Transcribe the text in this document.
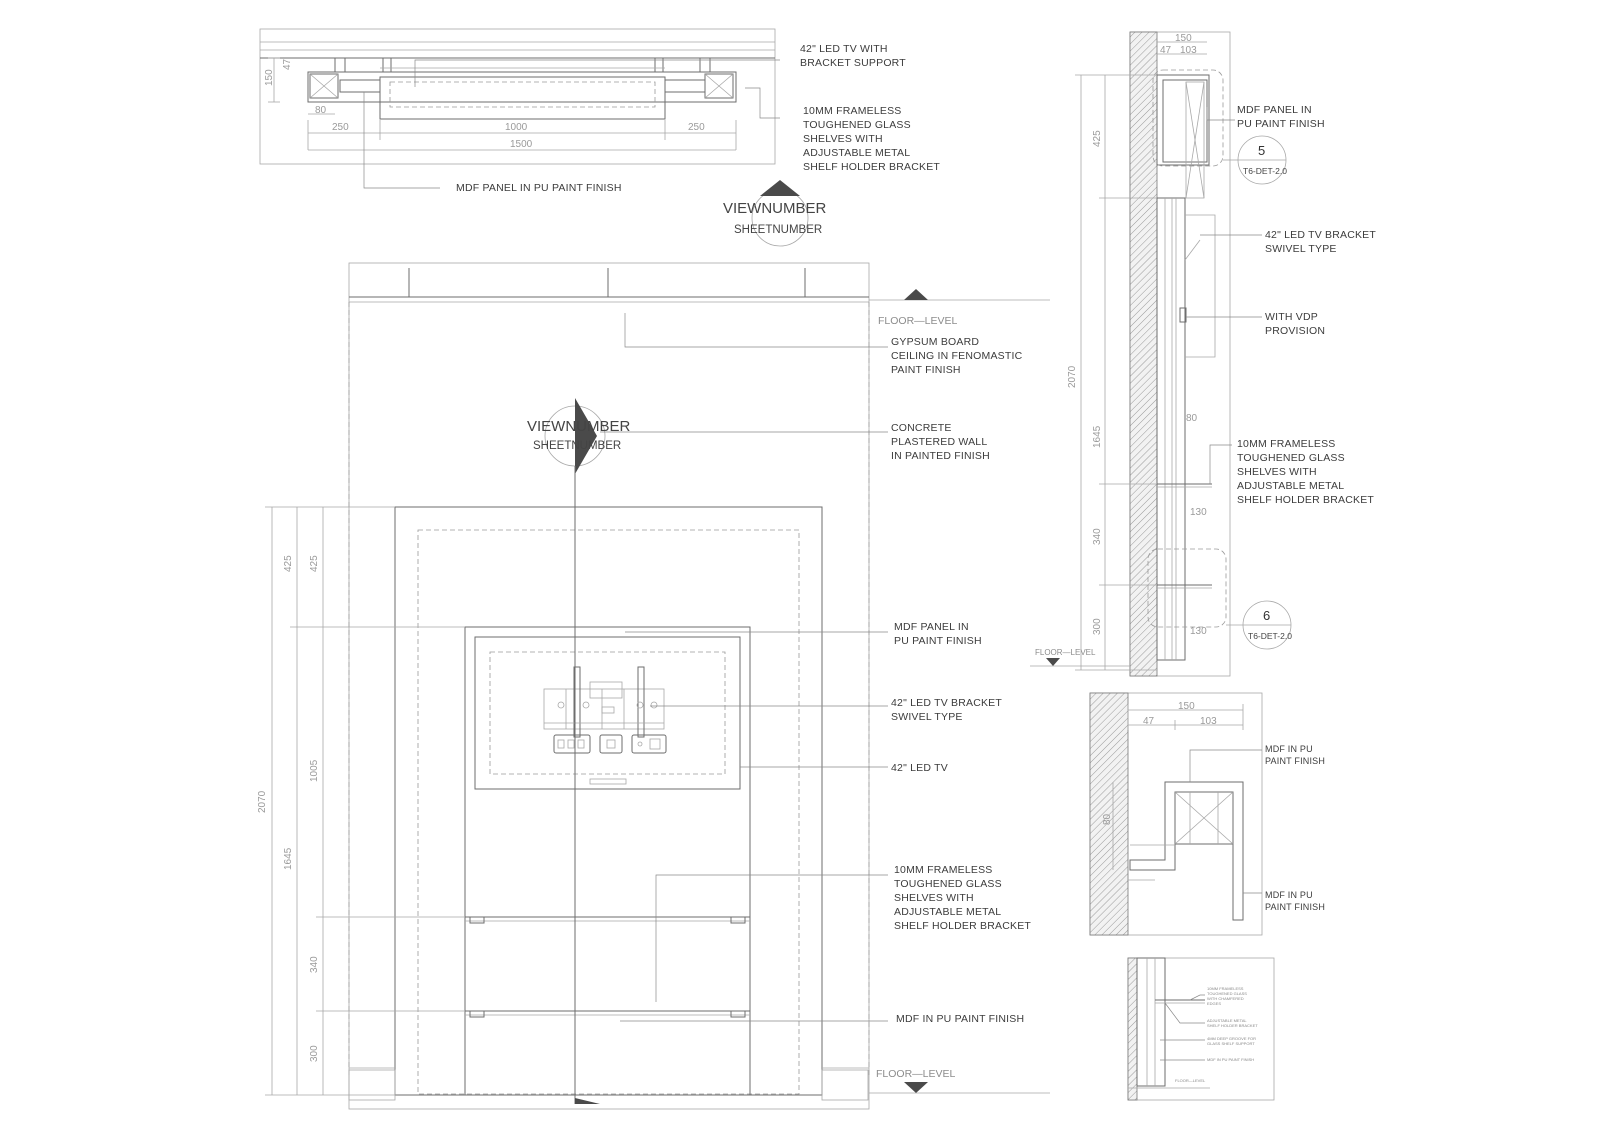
250	1000	250
1500
80
150
47
42" LED TV WITH
BRACKET SUPPORT
10MM FRAMELESS
TOUGHENED GLASS
SHELVES WITH
ADJUSTABLE METAL
SHELF HOLDER BRACKET
MDF PANEL IN PU PAINT FINISH
VIEWNUMBER
SHEETNUMBER
VIEWNUMBER
SHEETNUMBER
FLOOR—LEVEL
FLOOR—LEVEL
2070
425 425
1645
1005
340
300
GYPSUM BOARD
CEILING IN FENOMASTIC
PAINT FINISH
CONCRETE
PLASTERED WALL
IN PAINTED FINISH
MDF PANEL IN
PU PAINT FINISH
42" LED TV BRACKET
SWIVEL TYPE
42" LED TV
10MM FRAMELESS
TOUGHENED GLASS
SHELVES WITH
ADJUSTABLE METAL
SHELF HOLDER BRACKET
MDF IN PU PAINT FINISH
150
47 103
425
2070
1645
340
300
80
130
130
5
T6-DET-2.0
6
T6-DET-2.0
FLOOR—LEVEL
MDF PANEL IN
PU PAINT FINISH
42" LED TV BRACKET
SWIVEL TYPE
WITH VDP
PROVISION
10MM FRAMELESS
TOUGHENED GLASS
SHELVES WITH
ADJUSTABLE METAL
SHELF HOLDER BRACKET
150
47	103
80
MDF IN PU
PAINT FINISH
MDF IN PU
PAINT FINISH
10MM FRAMELESS
TOUGHENED GLASS
WITH CHAMFERED
EDGES
ADJUSTABLE METAL
SHELF HOLDER BRACKET
4MM DEEP GROOVE FOR
GLASS SHELF SUPPORT
MDF IN PU PAINT FINISH
FLOOR—LEVEL
